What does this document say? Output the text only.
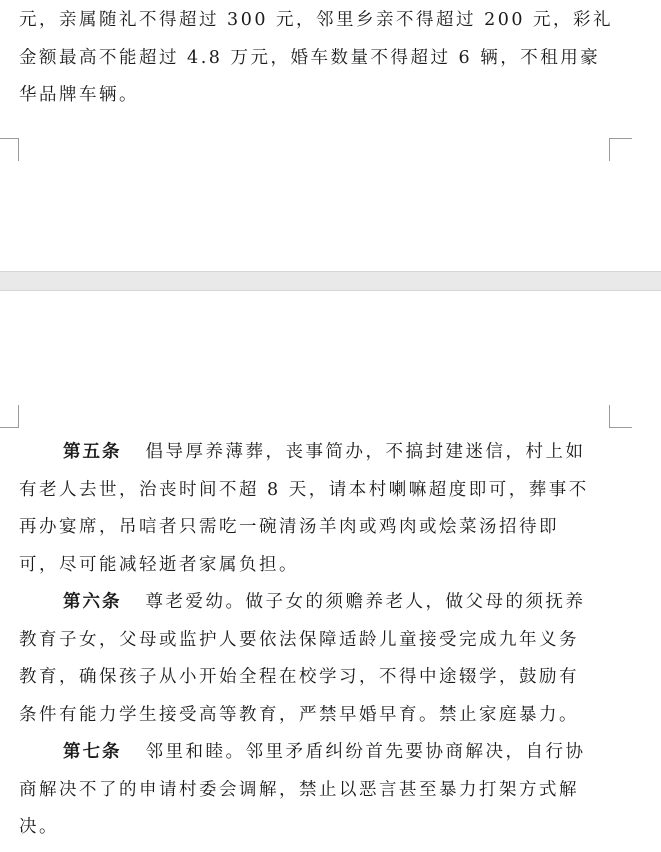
元，亲属随礼不得超过 300 元，邻里乡亲不得超过 200 元，彩礼
金额最高不能超过 4.8 万元，婚车数量不得超过 6 辆，不租用豪
华品牌车辆。
第五条 倡导厚养薄葬，丧事简办，不搞封建迷信，村上如
有老人去世，治丧时间不超 8 天，请本村喇嘛超度即可，葬事不
再办宴席，吊唁者只需吃一碗清汤羊肉或鸡肉或烩菜汤招待即
可，尽可能减轻逝者家属负担。
第六条 尊老爱幼。做子女的须赡养老人，做父母的须抚养
教育子女，父母或监护人要依法保障适龄儿童接受完成九年义务
教育，确保孩子从小开始全程在校学习，不得中途辍学，鼓励有
条件有能力学生接受高等教育，严禁早婚早育。禁止家庭暴力。
第七条 邻里和睦。邻里矛盾纠纷首先要协商解决，自行协
商解决不了的申请村委会调解，禁止以恶言甚至暴力打架方式解
决。
